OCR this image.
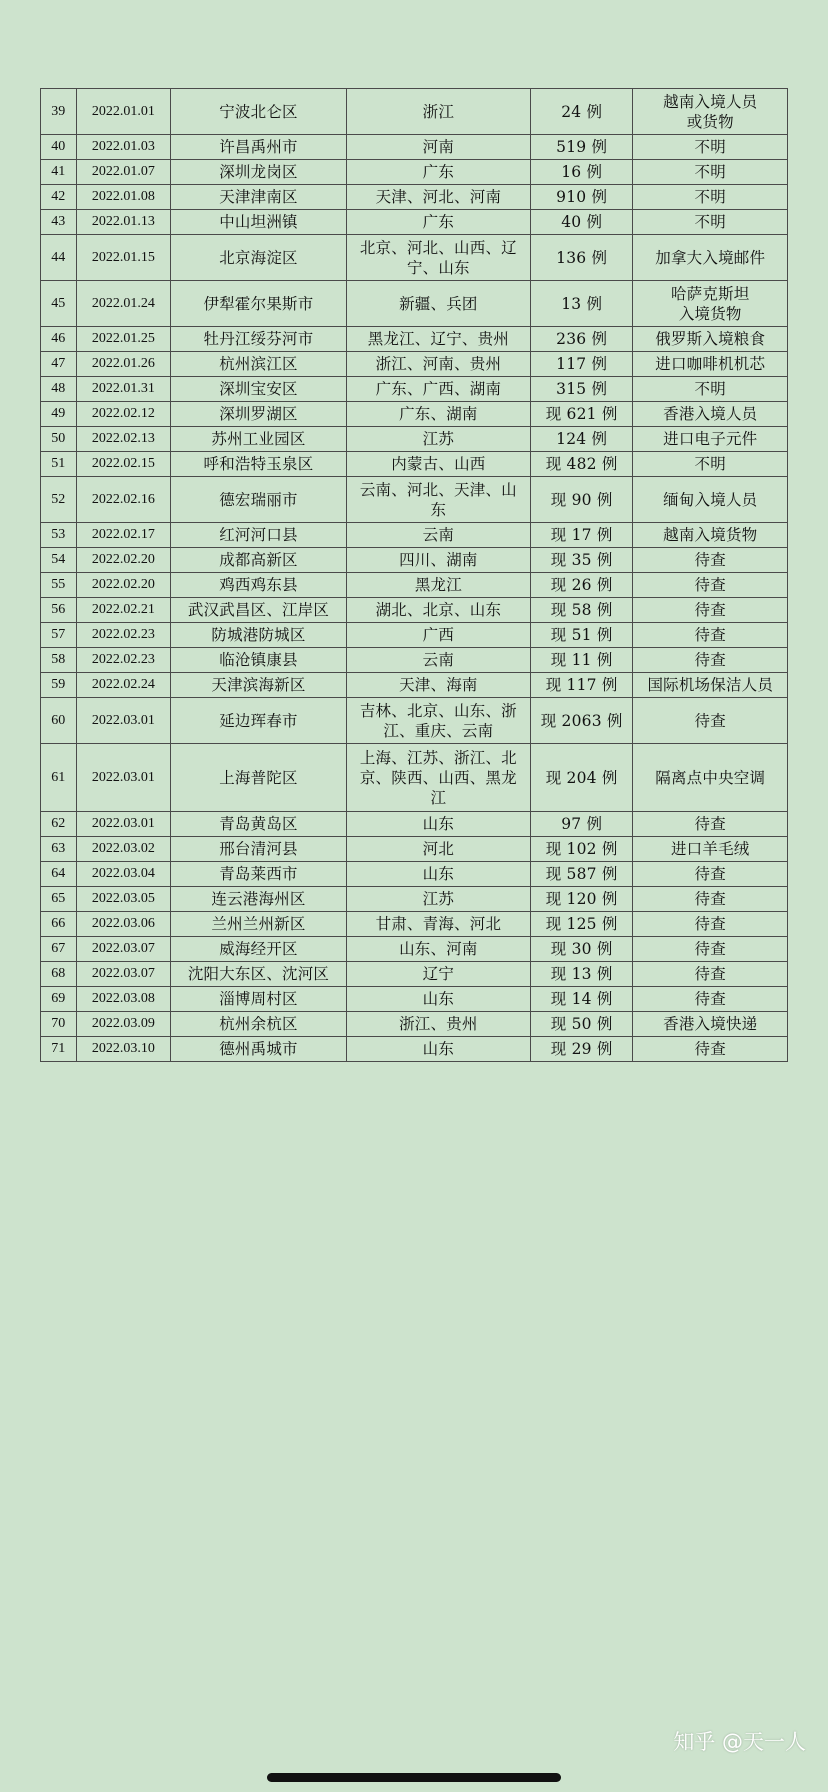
39	2022.01.01	宁波北仑区	浙江	24 例	越南入境人员
或货物
40	2022.01.03	许昌禹州市	河南	519 例	不明
41	2022.01.07	深圳龙岗区	广东	16 例	不明
42	2022.01.08	天津津南区	天津、河北、河南	910 例	不明
43	2022.01.13	中山坦洲镇	广东	40 例	不明
44	2022.01.15	北京海淀区	北京、河北、山西、辽
宁、山东	136 例	加拿大入境邮件
45	2022.01.24	伊犁霍尔果斯市	新疆、兵团	13 例	哈萨克斯坦
入境货物
46	2022.01.25	牡丹江绥芬河市	黑龙江、辽宁、贵州	236 例	俄罗斯入境粮食
47	2022.01.26	杭州滨江区	浙江、河南、贵州	117 例	进口咖啡机机芯
48	2022.01.31	深圳宝安区	广东、广西、湖南	315 例	不明
49	2022.02.12	深圳罗湖区	广东、湖南	现 621 例	香港入境人员
50	2022.02.13	苏州工业园区	江苏	124 例	进口电子元件
51	2022.02.15	呼和浩特玉泉区	内蒙古、山西	现 482 例	不明
52	2022.02.16	德宏瑞丽市	云南、河北、天津、山
东	现 90 例	缅甸入境人员
53	2022.02.17	红河河口县	云南	现 17 例	越南入境货物
54	2022.02.20	成都高新区	四川、湖南	现 35 例	待查
55	2022.02.20	鸡西鸡东县	黑龙江	现 26 例	待查
56	2022.02.21	武汉武昌区、江岸区	湖北、北京、山东	现 58 例	待查
57	2022.02.23	防城港防城区	广西	现 51 例	待查
58	2022.02.23	临沧镇康县	云南	现 11 例	待查
59	2022.02.24	天津滨海新区	天津、海南	现 117 例	国际机场保洁人员
60	2022.03.01	延边珲春市	吉林、北京、山东、浙
江、重庆、云南	现 2063 例	待查
61	2022.03.01	上海普陀区	上海、江苏、浙江、北
京、陕西、山西、黑龙
江	现 204 例	隔离点中央空调
62	2022.03.01	青岛黄岛区	山东	97 例	待查
63	2022.03.02	邢台清河县	河北	现 102 例	进口羊毛绒
64	2022.03.04	青岛莱西市	山东	现 587 例	待查
65	2022.03.05	连云港海州区	江苏	现 120 例	待查
66	2022.03.06	兰州兰州新区	甘肃、青海、河北	现 125 例	待查
67	2022.03.07	威海经开区	山东、河南	现 30 例	待查
68	2022.03.07	沈阳大东区、沈河区	辽宁	现 13 例	待查
69	2022.03.08	淄博周村区	山东	现 14 例	待查
70	2022.03.09	杭州余杭区	浙江、贵州	现 50 例	香港入境快递
71	2022.03.10	德州禹城市	山东	现 29 例	待查
知乎 @天一人
